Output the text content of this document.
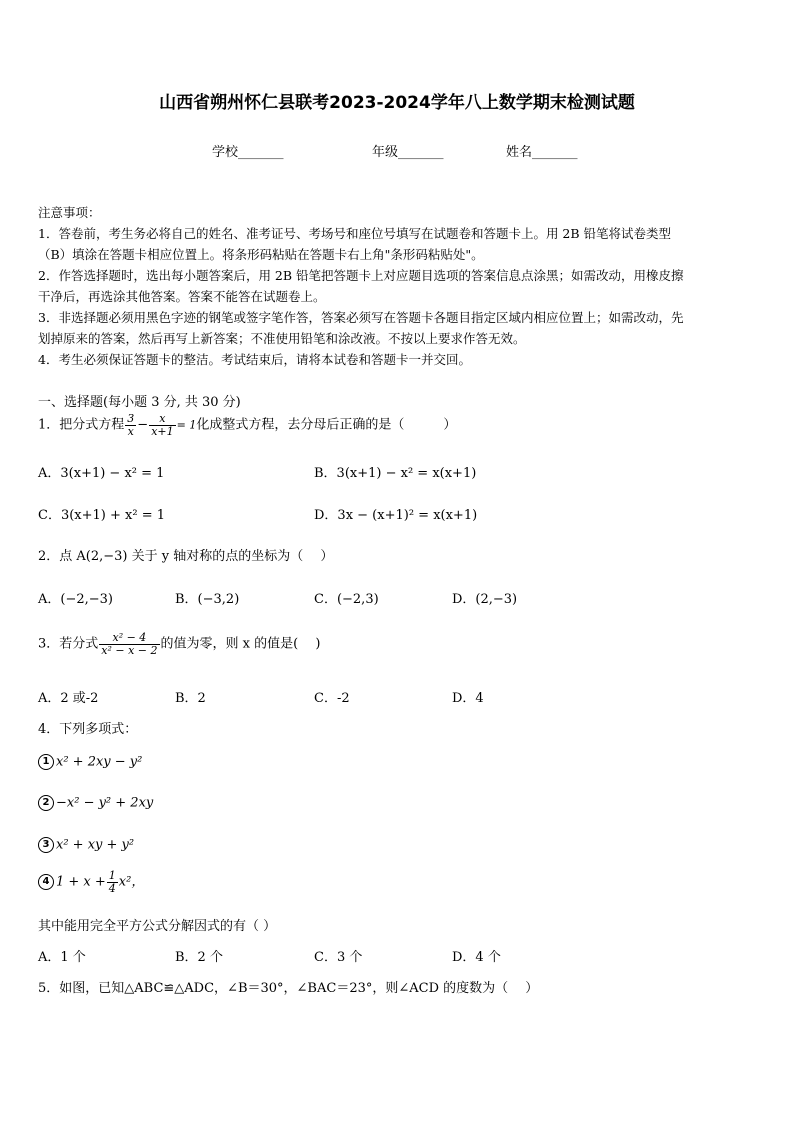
山西省朔州怀仁县联考2023-2024学年八上数学期末检测试题
学校_______	年级_______	姓名_______
注意事项：
1．答卷前，考生务必将自己的姓名、准考证号、考场号和座位号填写在试题卷和答题卡上。用 2B 铅笔将试卷类型
（B）填涂在答题卡相应位置上。将条形码粘贴在答题卡右上角"条形码粘贴处"。
2．作答选择题时，选出每小题答案后，用 2B 铅笔把答题卡上对应题目选项的答案信息点涂黑；如需改动，用橡皮擦
干净后，再选涂其他答案。答案不能答在试题卷上。
3．非选择题必须用黑色字迹的钢笔或签字笔作答，答案必须写在答题卡各题目指定区域内相应位置上；如需改动，先
划掉原来的答案，然后再写上新答案；不准使用铅笔和涂改液。不按以上要求作答无效。
4．考生必须保证答题卡的整洁。考试结束后，请将本试卷和答题卡一并交回。
一、选择题(每小题 3 分, 共 30 分)
1．把分式方程 $\frac{3}{x} - \frac{x}{x+1} = 1$化成整式方程，去分母后正确的是（　　　）
A．3(x+1) − x² = 1	B．3(x+1) − x² = x(x+1)
C．3(x+1) + x² = 1	D．3x − (x+1)² = x(x+1)
2．点 A(2,−3) 关于 y 轴对称的点的坐标为（　 ）
A．(−2,−3)	B．(−3,2)	C．(−2,3)	D．(2,−3)
3．若分式 $\frac{\text{x² − 4}}{\text{x² − x − 2}}$ 的值为零，则 x 的值是(　 )
A．2 或-2	B．2	C．-2	D．4
4．下列多项式：
1 x² + 2xy − y²
2 −x² − y² + 2xy
3 x² + xy + y²
4 $1 + x + \frac{1}{4} x^2$，
其中能用完全平方公式分解因式的有（ ）
A．1 个	B．2 个	C．3 个	D．4 个
5．如图，已知△ABC≌△ADC，∠B＝30°，∠BAC＝23°，则∠ACD 的度数为（　 ）
